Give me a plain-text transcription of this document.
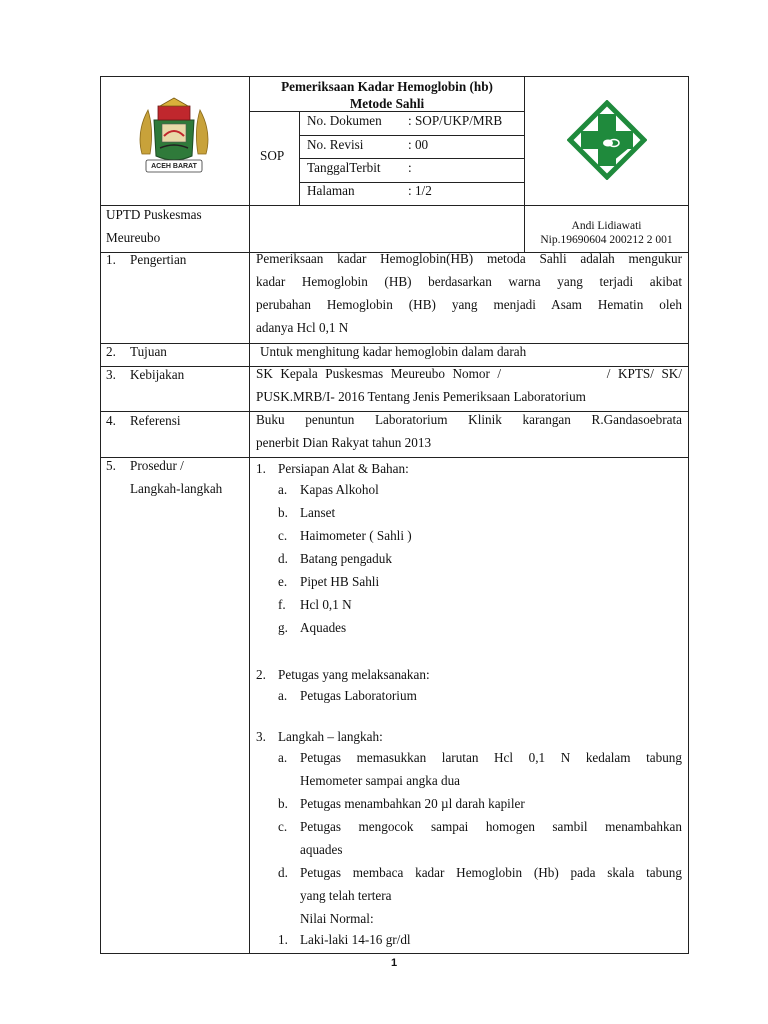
ACEH BARAT
Pemeriksaan Kadar Hemoglobin (hb)
Metode Sahli
SOP
No. Dokumen : SOP/UKP/MRB
No. Revisi	: 00
TanggalTerbit :
Halaman	: 1/2
UPTD Puskesmas
Meureubo
Andi Lidiawati
Nip.19690604 200212 2 001
1. Pengertian	Pemeriksaan kadar Hemoglobin(HB) metoda Sahli adalah mengukur
kadar Hemoglobin (HB) berdasarkan warna yang terjadi akibat
perubahan Hemoglobin (HB) yang menjadi Asam Hematin oleh
adanya Hcl 0,1 N
2. Tujuan	Untuk menghitung kadar hemoglobin dalam darah
3. Kebijakan	SK Kepala Puskesmas Meureubo Nomor /              / KPTS/ SK/
PUSK.MRB/I- 2016 Tentang Jenis Pemeriksaan Laboratorium
4. Referensi	Buku penuntun Laboratorium Klinik karangan R.Gandasoebrata
penerbit Dian Rakyat tahun 2013
5. Prosedur /
Langkah-langkah
1. Persiapan Alat & Bahan:
a. Kapas Alkohol
b. Lanset
c. Haimometer ( Sahli )
d. Batang pengaduk
e. Pipet HB Sahli
f. Hcl 0,1 N
g. Aquades
2. Petugas yang melaksanakan:
a. Petugas Laboratorium
3. Langkah – langkah:
a. Petugas memasukkan larutan Hcl 0,1 N kedalam tabung
Hemometer sampai angka dua
b. Petugas menambahkan 20 µl darah kapiler
c. Petugas mengocok sampai homogen sambil menambahkan
aquades
d. Petugas membaca kadar Hemoglobin (Hb) pada skala tabung
yang telah tertera
Nilai Normal:
1. Laki-laki 14-16 gr/dl
1
